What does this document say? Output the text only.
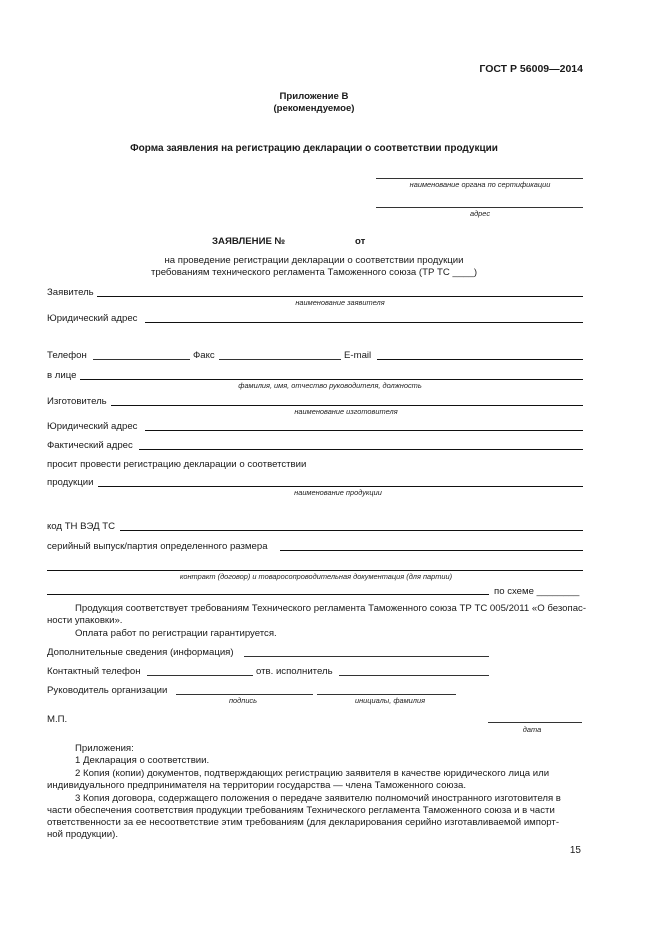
ГОСТ Р 56009—2014
Приложение В
(рекомендуемое)
Форма заявления на регистрацию декларации о соответствии продукции
наименование органа по сертификации
адрес
ЗАЯВЛЕНИЕ №	от
на проведение регистрации декларации о соответствии продукции
требованиям технического регламента Таможенного союза (ТР ТС ____)
Заявитель
наименование заявителя
Юридический адрес
Телефон	Факс	E-mail
в лице
фамилия, имя, отчество руководителя, должность
Изготовитель
наименование изготовителя
Юридический адрес
Фактический адрес
просит провести регистрацию декларации о соответствии
продукции
наименование продукции
код ТН ВЭД ТС
серийный выпуск/партия определенного размера
контракт (договор) и товаросопроводительная документация (для партии)
по схеме ________
Продукция соответствует требованиям Технического регламента Таможенного союза ТР ТС 005/2011 «О безопас-
ности упаковки».
Оплата работ по регистрации гарантируется.
Дополнительные сведения (информация)
Контактный телефон	отв. исполнитель
Руководитель организации
подпись	инициалы, фамилия
М.П.
дата
Приложения:
1 Декларация о соответствии.
2 Копия (копии) документов, подтверждающих регистрацию заявителя в качестве юридического лица или
индивидуального предпринимателя на территории государства — члена Таможенного союза.
3 Копия договора, содержащего положения о передаче заявителю полномочий иностранного изготовителя в
части обеспечения соответствия продукции требованиям Технического регламента Таможенного союза и в части
ответственности за ее несоответствие этим требованиям (для декларирования серийно изготавливаемой импорт-
ной продукции).
15
